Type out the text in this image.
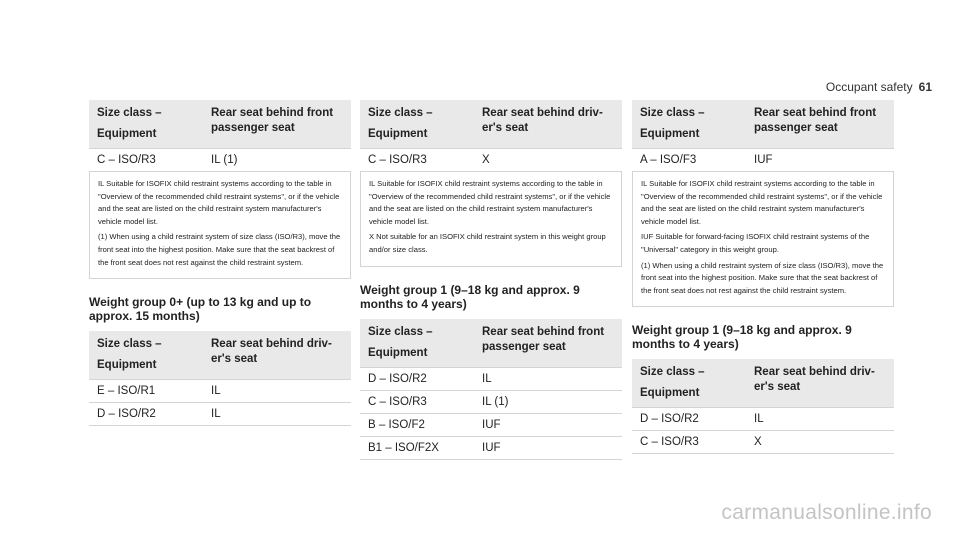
Occupant safety 61
Size class –
Equipment	Rear seat behind front passenger seat
C – ISO/R3	IL (1)

IL Suitable for ISOFIX child restraint systems according to the table in "Overview of the recommended child restraint systems", or if the vehicle and the seat are listed on the child restraint system manufacturer's vehicle model list.

(1) When using a child restraint system of size class (ISO/R3), move the front seat into the highest position. Make sure that the seat backrest of the front seat does not rest against the child restraint system.

Weight group 0+ (up to 13 kg and up to approx. 15 months)
Size class –
Equipment	Rear seat behind driver's seat
E – ISO/R1	IL
D – ISO/R2	IL
Size class –
Equipment	Rear seat behind driver's seat
C – ISO/R3	X

IL Suitable for ISOFIX child restraint systems according to the table in "Overview of the recommended child restraint systems", or if the vehicle and the seat are listed on the child restraint system manufacturer's vehicle model list.

X Not suitable for an ISOFIX child restraint system in this weight group and/or size class.

Weight group 1 (9–18 kg and approx. 9 months to 4 years)
Size class –
Equipment	Rear seat behind front passenger seat
D – ISO/R2	IL
C – ISO/R3	IL (1)
B – ISO/F2	IUF
B1 – ISO/F2X	IUF
Size class –
Equipment	Rear seat behind front passenger seat
A – ISO/F3	IUF

IL Suitable for ISOFIX child restraint systems according to the table in "Overview of the recommended child restraint systems", or if the vehicle and the seat are listed on the child restraint system manufacturer's vehicle model list.

IUF Suitable for forward-facing ISOFIX child restraint systems of the "Universal" category in this weight group.

(1) When using a child restraint system of size class (ISO/R3), move the front seat into the highest position. Make sure that the seat backrest of the front seat does not rest against the child restraint system.

Weight group 1 (9–18 kg and approx. 9 months to 4 years)
Size class –
Equipment	Rear seat behind driver's seat
D – ISO/R2	IL
C – ISO/R3	X
carmanualsonline.info
